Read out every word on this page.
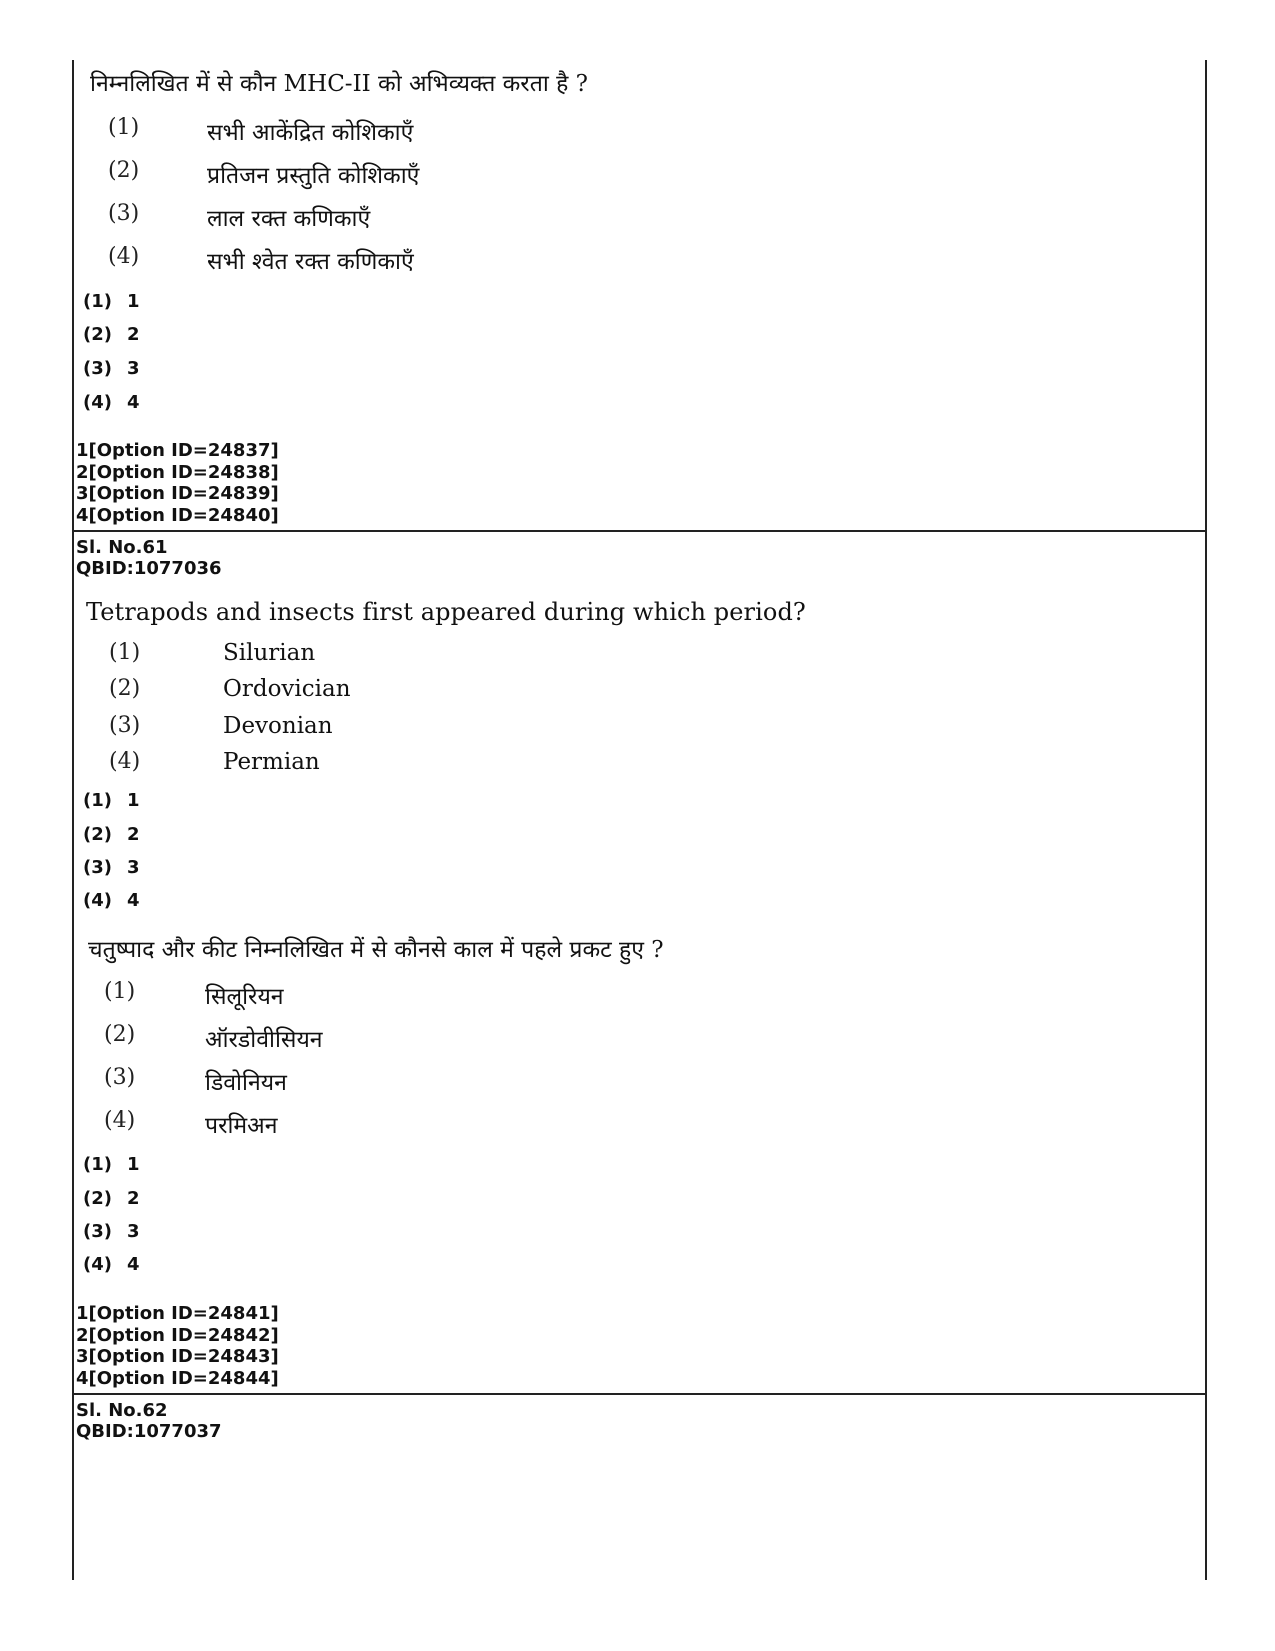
निम्नलिखित में से कौन MHC-II को अभिव्यक्त करता है ?
(1)	सभी आकेंद्रित कोशिकाएँ
(2)	प्रतिजन प्रस्तुति कोशिकाएँ
(3)	लाल रक्त कणिकाएँ
(4)	सभी श्वेत रक्त कणिकाएँ
(1) 1
(2) 2
(3) 3
(4) 4
1[Option ID=24837]
2[Option ID=24838]
3[Option ID=24839]
4[Option ID=24840]
Sl. No.61
QBID:1077036
Tetrapods and insects first appeared during which period?
(1)	Silurian
(2)	Ordovician
(3)	Devonian
(4)	Permian
(1) 1
(2) 2
(3) 3
(4) 4
चतुष्पाद और कीट निम्नलिखित में से कौनसे काल में पहले प्रकट हुए ?
(1)	सिलूरियन
(2)	ऑरडोवीसियन
(3)	डिवोनियन
(4)	परमिअन
(1) 1
(2) 2
(3) 3
(4) 4
1[Option ID=24841]
2[Option ID=24842]
3[Option ID=24843]
4[Option ID=24844]
Sl. No.62
QBID:1077037
